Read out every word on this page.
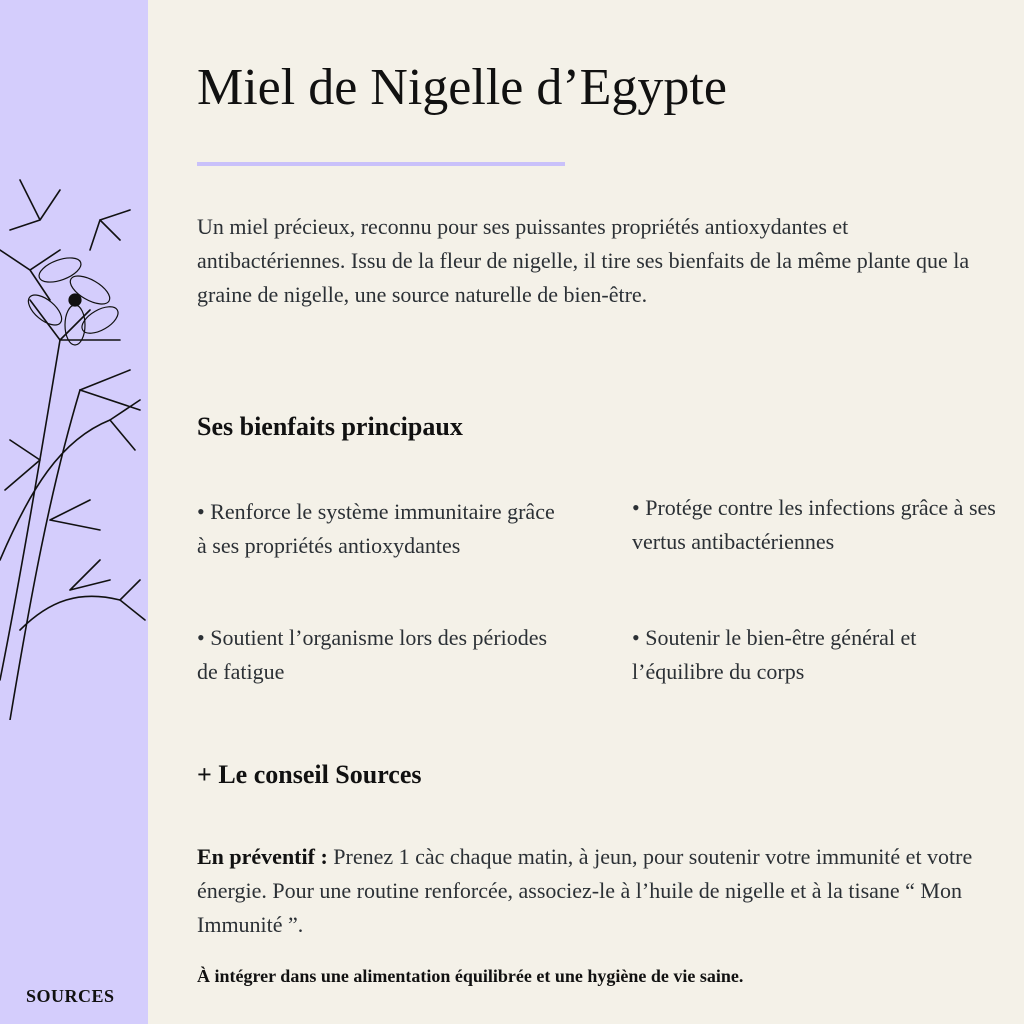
SOURCES
Miel de Nigelle d’Egypte

Un miel précieux, reconnu pour ses puissantes propriétés antioxydantes et antibactériennes. Issu de la fleur de nigelle, il tire ses bienfaits de la même plante que la graine de nigelle, une source naturelle de bien-être.

Ses bienfaits principaux

• Renforce le système immunitaire grâce à ses propriétés antioxydantes

• Protége contre les infections grâce à ses vertus antibactériennes

• Soutient l’organisme lors des périodes de fatigue

• Soutenir le bien-être général et l’équilibre du corps

+ Le conseil Sources

En préventif : Prenez 1 càc chaque matin, à jeun, pour soutenir votre immunité et votre énergie. Pour une routine renforcée, associez-le à l’huile de nigelle et à la tisane “ Mon Immunité ”.

À intégrer dans une alimentation équilibrée et une hygiène de vie saine.
